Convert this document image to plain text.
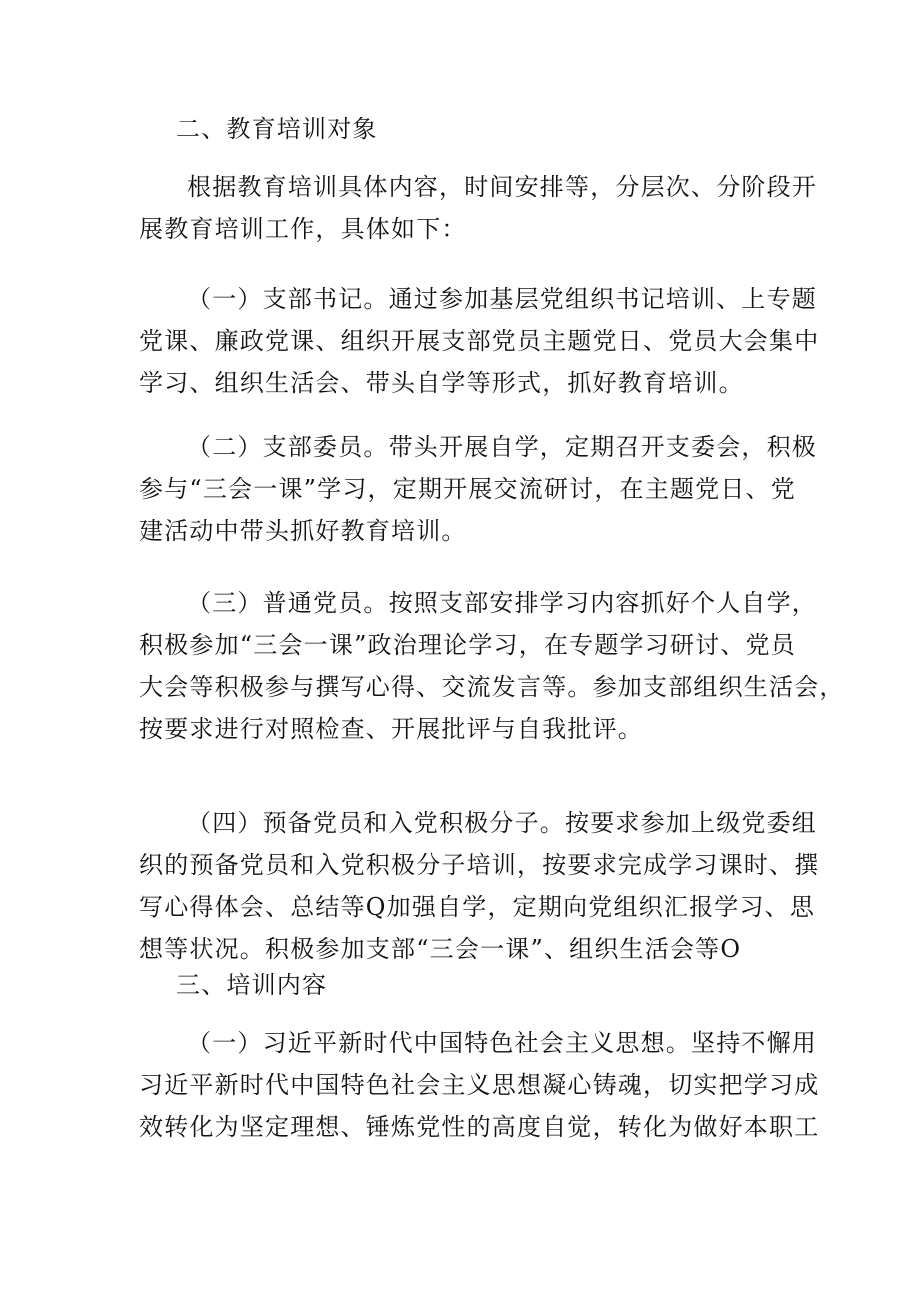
二、教育培训对象

根据教育培训具体内容，时间安排等，分层次、分阶段开
展教育培训工作，具体如下：
（一）支部书记。通过参加基层党组织书记培训、上专题
党课、廉政党课、组织开展支部党员主题党日、党员大会集中
学习、组织生活会、带头自学等形式，抓好教育培训。
（二）支部委员。带头开展自学，定期召开支委会，积极
参与“三会一课”学习，定期开展交流研讨，在主题党日、党
建活动中带头抓好教育培训。
（三）普通党员。按照支部安排学习内容抓好个人自学，
积极参加“三会一课”政治理论学习，在专题学习研讨、党员
大会等积极参与撰写心得、交流发言等。参加支部组织生活会，
按要求进行对照检查、开展批评与自我批评。
（四）预备党员和入党积极分子。按要求参加上级党委组
织的预备党员和入党积极分子培训，按要求完成学习课时、撰
写心得体会、总结等Q加强自学，定期向党组织汇报学习、思
想等状况。积极参加支部“三会一课”、组织生活会等O

三、培训内容

（一）习近平新时代中国特色社会主义思想。坚持不懈用
习近平新时代中国特色社会主义思想凝心铸魂，切实把学习成
效转化为坚定理想、锤炼党性的高度自觉，转化为做好本职工
